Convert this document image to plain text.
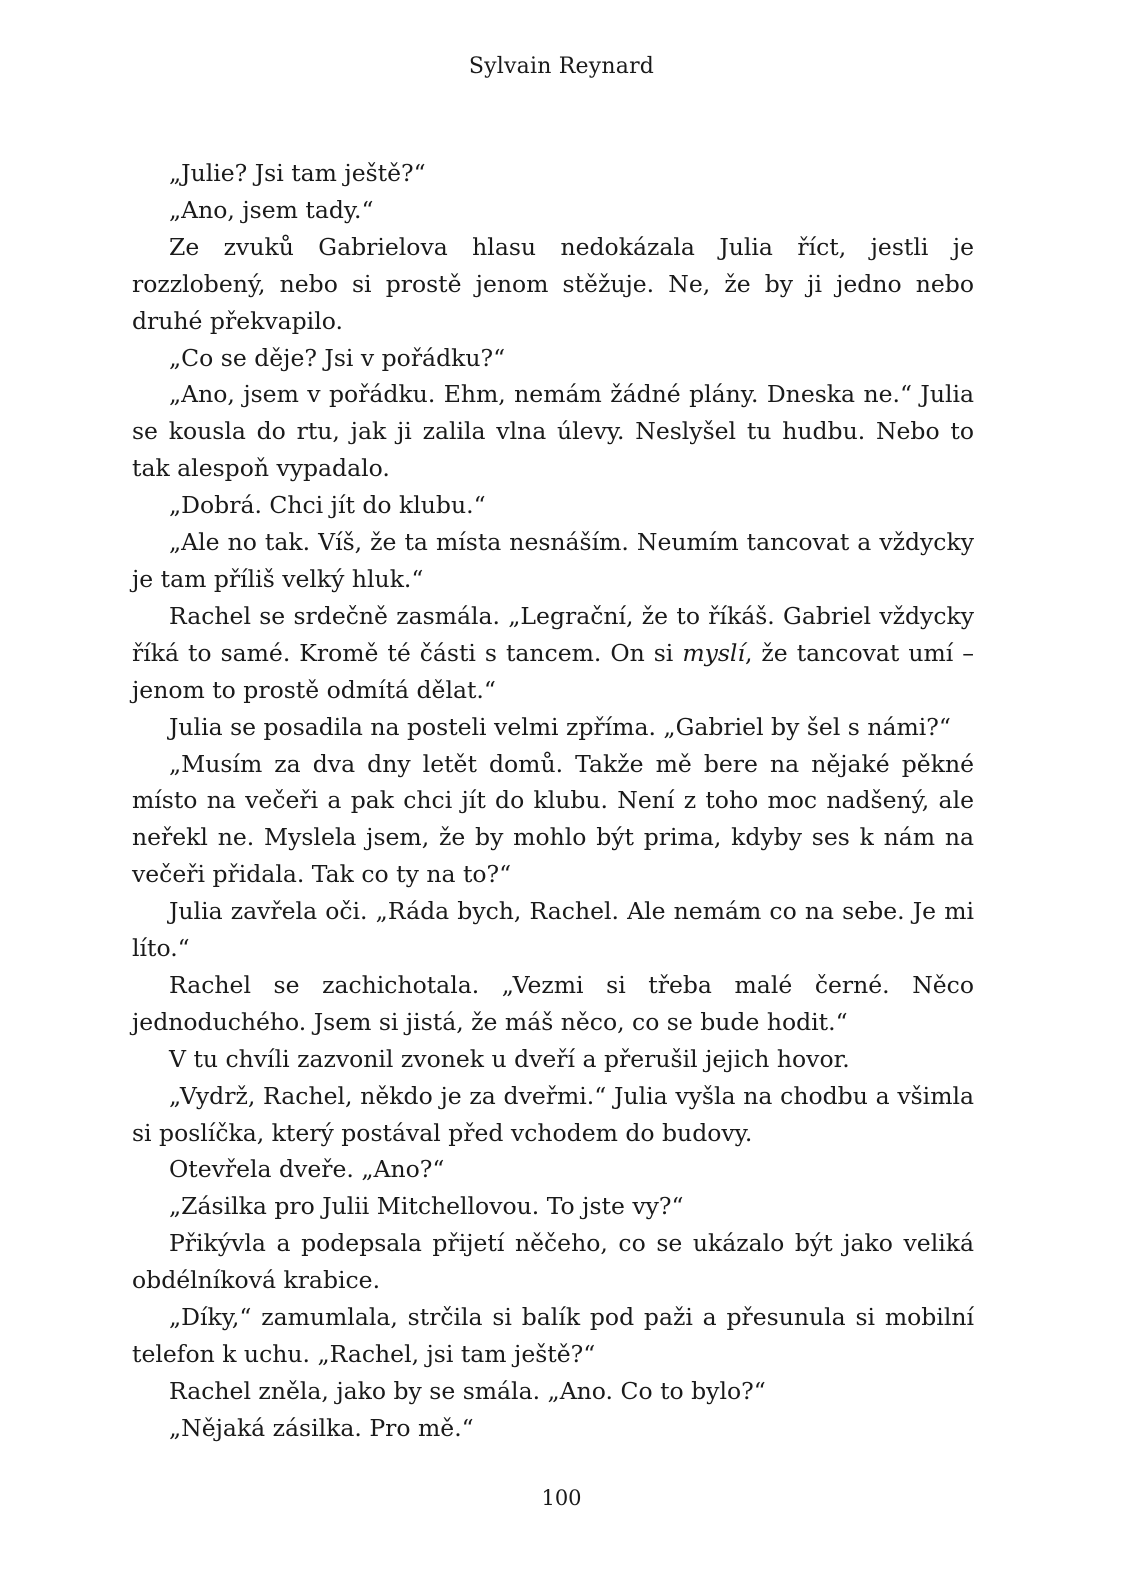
Sylvain Reynard

„Julie? Jsi tam ještě?“

„Ano, jsem tady.“

Ze zvuků Gabrielova hlasu nedokázala Julia říct, jestli je rozzlobený, nebo si prostě jenom stěžuje. Ne, že by ji jedno nebo druhé překvapilo.

„Co se děje? Jsi v pořádku?“

„Ano, jsem v pořádku. Ehm, nemám žádné plány. Dneska ne.“ Julia se kousla do rtu, jak ji zalila vlna úlevy. Neslyšel tu hudbu. Nebo to tak alespoň vypadalo.

„Dobrá. Chci jít do klubu.“

„Ale no tak. Víš, že ta místa nesnáším. Neumím tancovat a vždycky je tam příliš velký hluk.“

Rachel se srdečně zasmála. „Legrační, že to říkáš. Gabriel vždycky říká to samé. Kromě té části s tancem. On si myslí, že tancovat umí – jenom to prostě odmítá dělat.“

Julia se posadila na posteli velmi zpříma. „Gabriel by šel s námi?“

„Musím za dva dny letět domů. Takže mě bere na nějaké pěkné místo na večeři a pak chci jít do klubu. Není z toho moc nadšený, ale neřekl ne. Myslela jsem, že by mohlo být prima, kdyby ses k nám na večeři přidala. Tak co ty na to?“

Julia zavřela oči. „Ráda bych, Rachel. Ale nemám co na sebe. Je mi líto.“

Rachel se zachichotala. „Vezmi si třeba malé černé. Něco jednoduchého. Jsem si jistá, že máš něco, co se bude hodit.“

V tu chvíli zazvonil zvonek u dveří a přerušil jejich hovor.

„Vydrž, Rachel, někdo je za dveřmi.“ Julia vyšla na chodbu a všimla si poslíčka, který postával před vchodem do budovy.

Otevřela dveře. „Ano?“

„Zásilka pro Julii Mitchellovou. To jste vy?“

Přikývla a podepsala přijetí něčeho, co se ukázalo být jako veliká obdélníková krabice.

„Díky,“ zamumlala, strčila si balík pod paži a přesunula si mobilní telefon k uchu. „Rachel, jsi tam ještě?“

Rachel zněla, jako by se smála. „Ano. Co to bylo?“

„Nějaká zásilka. Pro mě.“

100
